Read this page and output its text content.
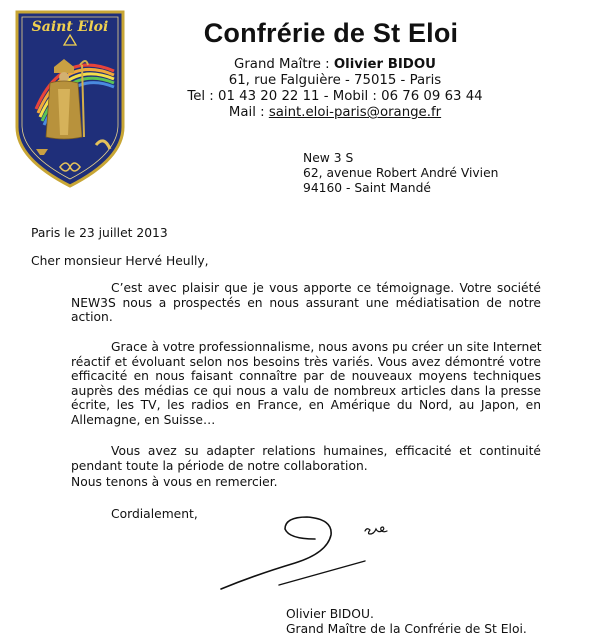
Saint Eloi	Confrérie de St Eloi
Grand Maître : Olivier BIDOU
61, rue Falguière - 75015 - Paris
Tel : 01 43 20 22 11 - Mobil : 06 76 09 63 44
Mail : saint.eloi-paris@orange.fr
New 3 S
62, avenue Robert André Vivien
94160 - Saint Mandé
Paris le 23 juillet 2013
Cher monsieur Hervé Heully,
C’est avec plaisir que je vous apporte ce témoignage. Votre société
NEW3S nous a prospectés en nous assurant une médiatisation de notre
action.
Grace à votre professionnalisme, nous avons pu créer un site Internet
réactif et évoluant selon nos besoins très variés. Vous avez démontré votre
efficacité en nous faisant connaître par de nouveaux moyens techniques
auprès des médias ce qui nous a valu de nombreux articles dans la presse
écrite, les TV, les radios en France, en Amérique du Nord, au Japon, en
Allemagne, en Suisse…
Vous avez su adapter relations humaines, efficacité et continuité
pendant toute la période de notre collaboration.
Nous tenons à vous en remercier.
Cordialement,
Olivier BIDOU.
Grand Maître de la Confrérie de St Eloi.
